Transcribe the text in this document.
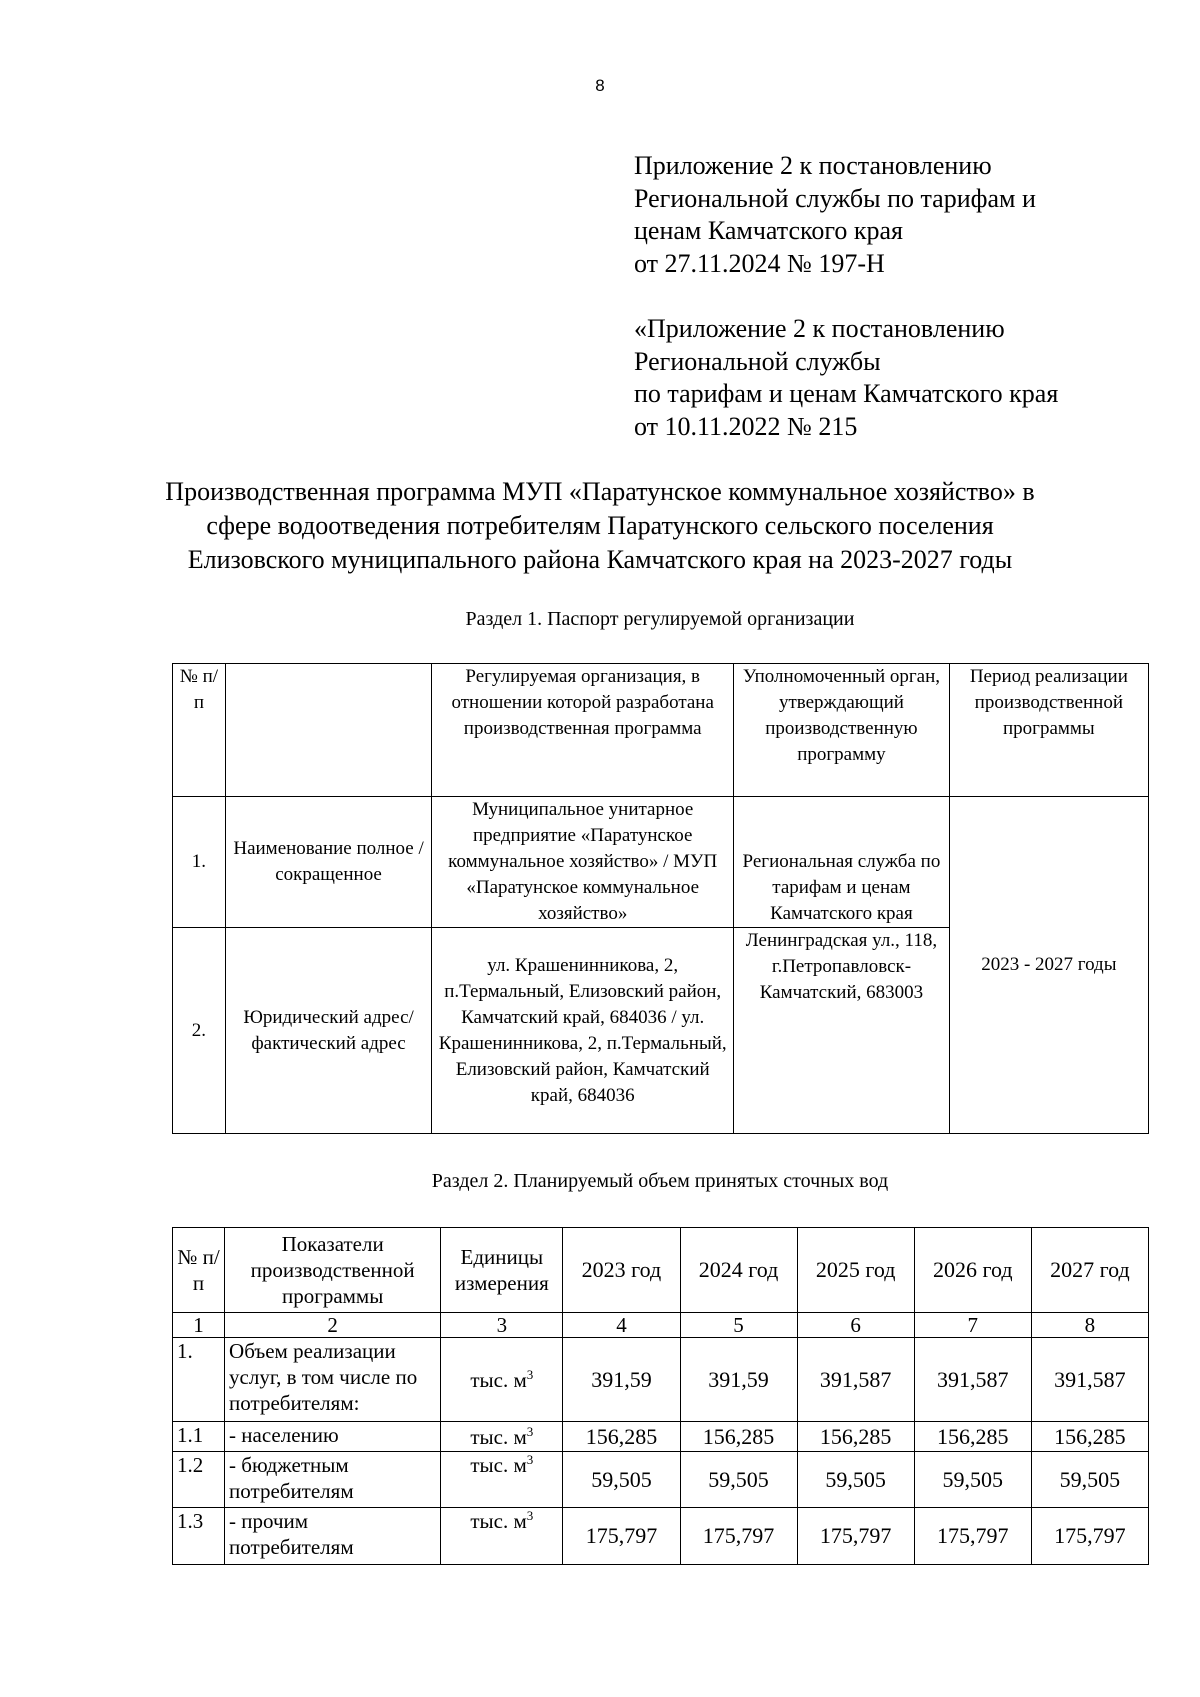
8
Приложение 2 к постановлению
Региональной службы по тарифам и
ценам Камчатского края
от 27.11.2024 № 197-Н
«Приложение 2 к постановлению
Региональной службы
по тарифам и ценам Камчатского края
от 10.11.2022 № 215
Производственная программа МУП «Паратунское коммунальное хозяйство» в
сфере водоотведения потребителям Паратунского сельского поселения
Елизовского муниципального района Камчатского края на 2023-2027 годы
Раздел 1. Паспорт регулируемой организации
№ п/п		Регулируемая организация, в отношении которой разработана производственная программа	Уполномоченный орган, утверждающий производственную программу	Период реализации производственной программы
1.	Наименование полное / сокращенное	Муниципальное унитарное предприятие «Паратунское коммунальное хозяйство» / МУП «Паратунское коммунальное хозяйство»	Региональная служба по тарифам и ценам Камчатского края	2023 - 2027 годы
2.	Юридический адрес/фактический адрес	ул. Крашенинникова, 2, п.Термальный, Елизовский район, Камчатский край, 684036 / ул. Крашенинникова, 2, п.Термальный, Елизовский район, Камчатский край, 684036	Ленинградская ул., 118, г.Петропавловск-Камчатский, 683003	
Раздел 2. Планируемый объем принятых сточных вод
№ п/п	Показатели производственной программы	Единицы измерения	2023 год	2024 год	2025 год	2026 год	2027 год
1	2	3	4	5	6	7	8
1.	Объем реализации услуг, в том числе по потребителям:	тыс. $м^3$	391,59	391,59	391,587	391,587	391,587
1.1	- населению	тыс. $м^3$	156,285	156,285	156,285	156,285	156,285
1.2	- бюджетным потребителям	тыс. $м^3$	59,505	59,505	59,505	59,505	59,505
1.3	- прочим потребителям	тыс. $м^3$	175,797	175,797	175,797	175,797	175,797
